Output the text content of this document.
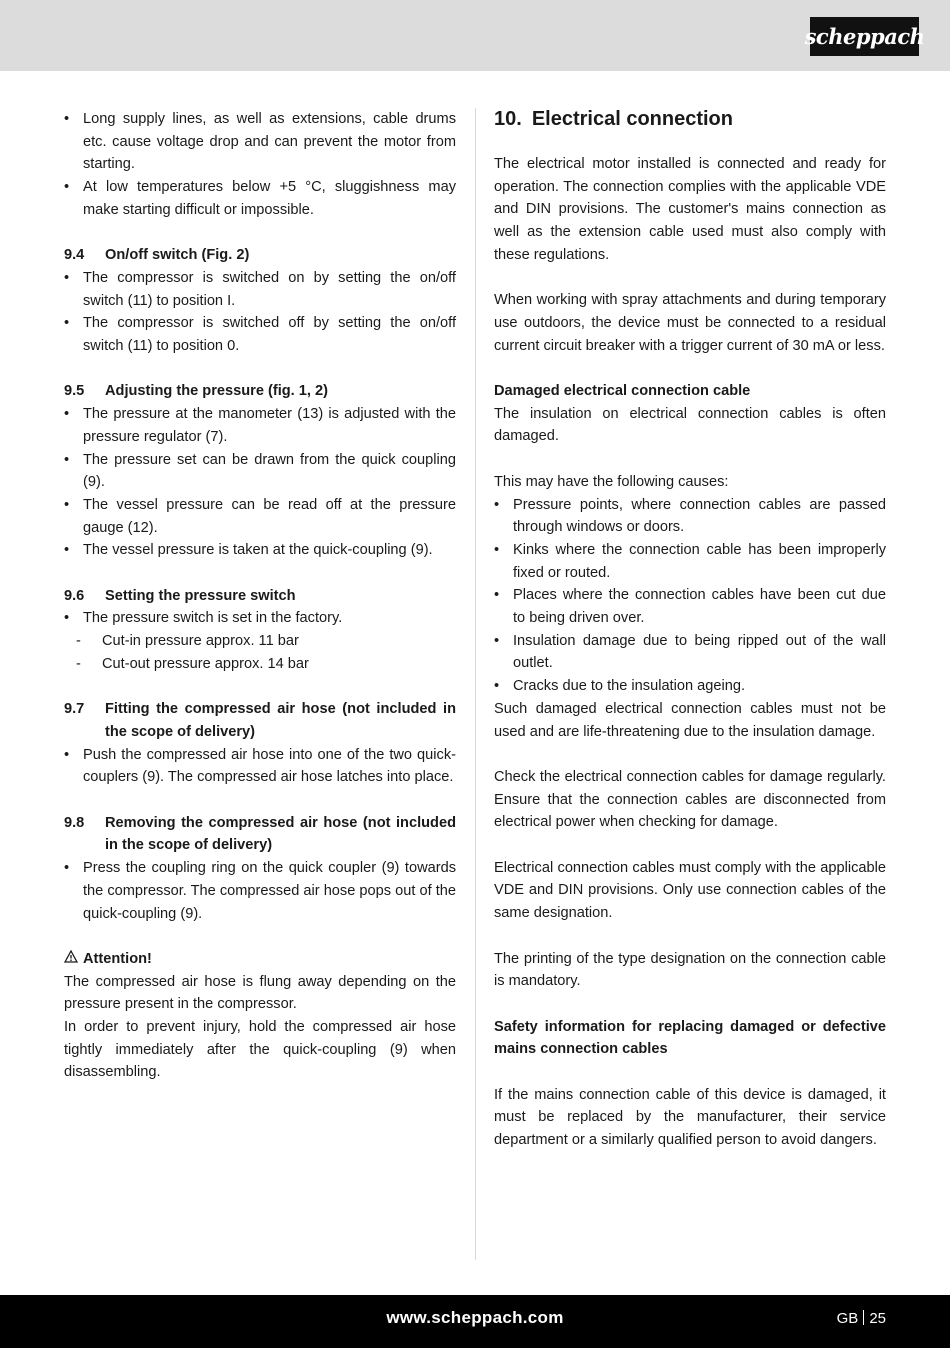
scheppach
• Long supply lines, as well as extensions, cable drums etc. cause voltage drop and can prevent the motor from starting.
• At low temperatures below +5 °C, sluggishness may make starting difficult or impossible.
9.4 On/off switch (Fig. 2)
• The compressor is switched on by setting the on/off switch (11) to position I.
• The compressor is switched off by setting the on/off switch (11) to position 0.
9.5 Adjusting the pressure (fig. 1, 2)
• The pressure at the manometer (13) is adjusted with the pressure regulator (7).
• The pressure set can be drawn from the quick coupling (9).
• The vessel pressure can be read off at the pressure gauge (12).
• The vessel pressure is taken at the quick-coupling (9).
9.6 Setting the pressure switch
• The pressure switch is set in the factory.
- Cut-in pressure approx. 11 bar
- Cut-out pressure approx. 14 bar
9.7 Fitting the compressed air hose (not included in the scope of delivery)
• Push the compressed air hose into one of the two quick-couplers (9). The compressed air hose latches into place.
9.8 Removing the compressed air hose (not included in the scope of delivery)
• Press the coupling ring on the quick coupler (9) towards the compressor. The compressed air hose pops out of the quick-coupling (9).
Attention!
The compressed air hose is flung away depending on the pressure present in the compressor.
In order to prevent injury, hold the compressed air hose tightly immediately after the quick-coupling (9) when disassembling.
10. Electrical connection
The electrical motor installed is connected and ready for operation. The connection complies with the applicable VDE and DIN provisions. The customer's mains connection as well as the extension cable used must also comply with these regulations.
When working with spray attachments and during temporary use outdoors, the device must be connected to a residual current circuit breaker with a trigger current of 30 mA or less.
Damaged electrical connection cable
The insulation on electrical connection cables is often damaged.
This may have the following causes:
• Pressure points, where connection cables are passed through windows or doors.
• Kinks where the connection cable has been improperly fixed or routed.
• Places where the connection cables have been cut due to being driven over.
• Insulation damage due to being ripped out of the wall outlet.
• Cracks due to the insulation ageing.
Such damaged electrical connection cables must not be used and are life-threatening due to the insulation damage.
Check the electrical connection cables for damage regularly. Ensure that the connection cables are disconnected from electrical power when checking for damage.
Electrical connection cables must comply with the applicable VDE and DIN provisions. Only use connection cables of the same designation.
The printing of the type designation on the connection cable is mandatory.
Safety information for replacing damaged or defective mains connection cables
If the mains connection cable of this device is damaged, it must be replaced by the manufacturer, their service department or a similarly qualified person to avoid dangers.
www.scheppach.com	GB 25
